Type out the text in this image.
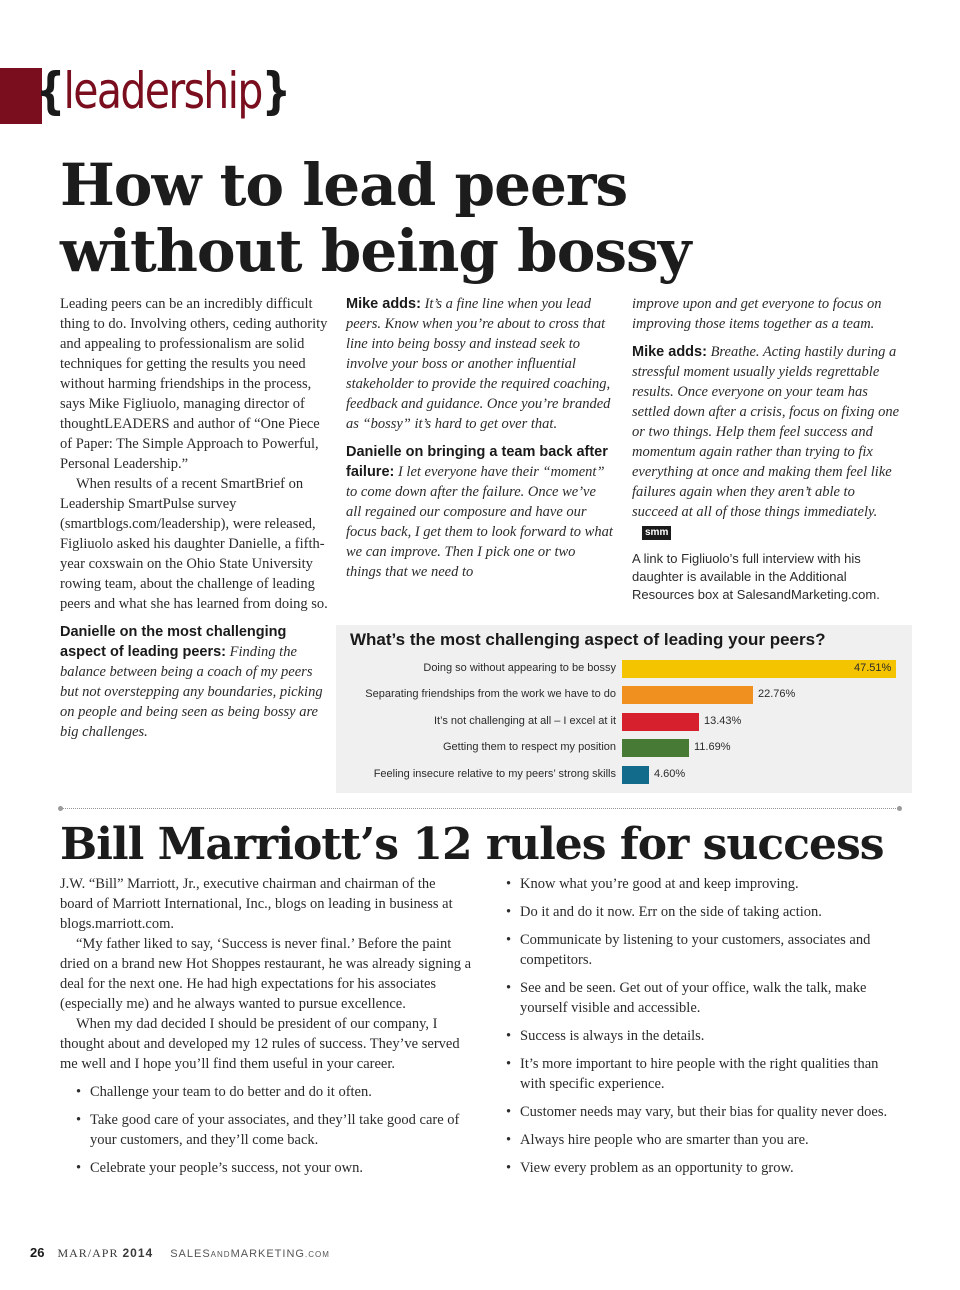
{leadership}
How to lead peers
without being bossy

Leading peers can be an incredibly difficult thing to do. Involving others, ceding authority and appealing to professionalism are solid techniques for getting the results you need without harming friendships in the process, says Mike Figliuolo, managing director of thoughtLEADERS and author of “One Piece of Paper: The Simple Approach to Powerful, Personal Leadership.”

When results of a recent SmartBrief on Leadership SmartPulse survey (smartblogs.com/leadership), were released, Figliuolo asked his daughter Danielle, a fifth-year coxswain on the Ohio State University rowing team, about the challenge of leading peers and what she has learned from doing so.

Danielle on the most challenging aspect of leading peers: Finding the balance between being a coach of my peers but not overstepping any boundaries, picking on people and being seen as being bossy are big challenges.

Mike adds: It’s a fine line when you lead peers. Know when you’re about to cross that line into being bossy and instead seek to involve your boss or another influential stakeholder to provide the required coaching, feedback and guidance. Once you’re branded as “bossy” it’s hard to get over that.

Danielle on bringing a team back after failure: I let everyone have their “moment” to come down after the failure. Once we’ve all regained our composure and have our focus back, I get them to look forward to what we can improve. Then I pick one or two things that we need to

improve upon and get everyone to focus on improving those items together as a team.

Mike adds: Breathe. Acting hastily during a stressful moment usually yields regrettable results. Once everyone on your team has settled down after a crisis, focus on fixing one or two things. Help them feel success and momentum again rather than trying to fix everything at once and making them feel like failures again when they aren’t able to succeed at all of those things immediately.smm

A link to Figliuolo’s full interview with his daughter is available in the Additional Resources box at SalesandMarketing.com.

What’s the most challenging aspect of leading your peers?
Doing so without appearing to be bossy	47.51%
Separating friendships from the work we have to do	22.76%
It’s not challenging at all – I excel at it	13.43%
Getting them to respect my position	11.69%
Feeling insecure relative to my peers’ strong skills	4.60%
Bill Marriott’s 12 rules for success

J.W. “Bill” Marriott, Jr., executive chairman and chairman of the board of Marriott International, Inc., blogs on leading in business at blogs.marriott.com.

“My father liked to say, ‘Success is never final.’ Before the paint dried on a brand new Hot Shoppes restaurant, he was already signing a deal for the next one. He had high expectations for his associates (especially me) and he always wanted to pursue excellence.

When my dad decided I should be president of our company, I thought about and developed my 12 rules of success. They’ve served me well and I hope you’ll find them useful in your career.

• Challenge your team to do better and do it often.
• Take good care of your associates, and they’ll take good care of your customers, and they’ll come back.
• Celebrate your people’s success, not your own.
• Know what you’re good at and keep improving.
• Do it and do it now. Err on the side of taking action.
• Communicate by listening to your customers, associates and competitors.
• See and be seen. Get out of your office, walk the talk, make yourself visible and accessible.
• Success is always in the details.
• It’s more important to hire people with the right qualities than with specific experience.
• Customer needs may vary, but their bias for quality never does.
• Always hire people who are smarter than you are.
• View every problem as an opportunity to grow.
26 MAR/APR 2014 SALESANDMARKETING.COM
